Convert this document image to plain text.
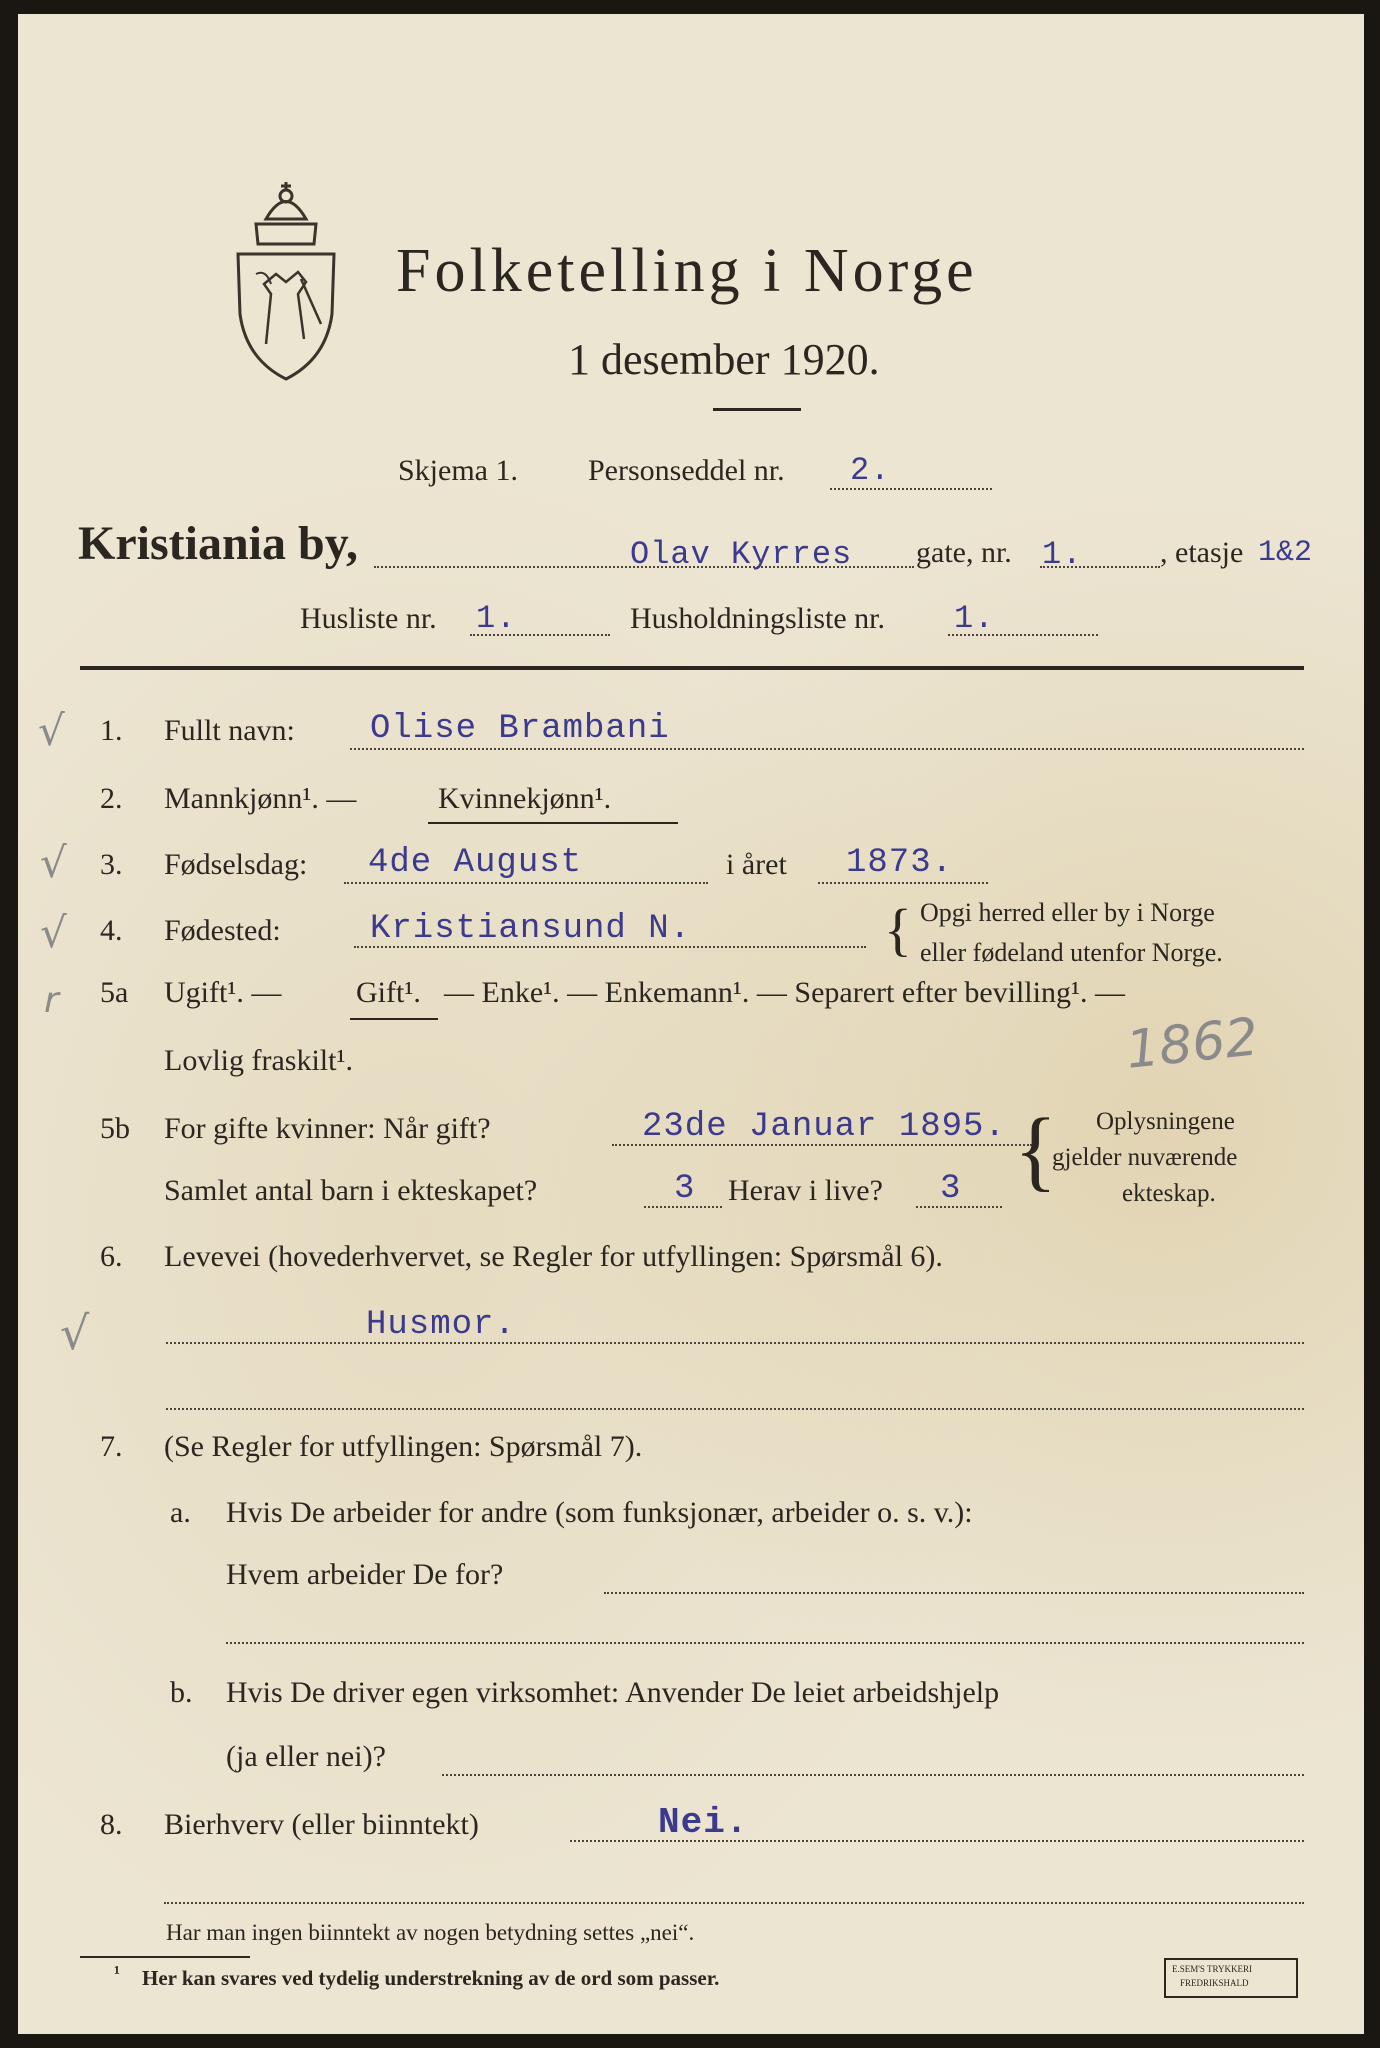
Folketelling i Norge
1 desember 1920.
Skjema 1. Personseddel nr. 2.
Kristiania by,	Olav Kyrres gate, nr. 1.	, etasje 1&2
Husliste nr. 1.	Husholdningsliste nr. 1.
√ 1. Fullt navn: Olise Brambani
2. Mannkjønn¹. —	Kvinnekjønn¹.
√ 3. Fødselsdag: 4de August	i året 1873.
√ 4. Fødested:	Kristiansund N.	{ Opgi herred eller by i Norge
eller fødeland utenfor Norge.
r 5a Ugift¹. — Gift¹. — Enke¹. — Enkemann¹. — Separert efter bevilling¹. —
Lovlig fraskilt¹.	1862
5b For gifte kvinner: Når gift?	23de Januar 1895.
Samlet antal barn i ekteskapet?	3 Herav i live? 3 { Oplysningene
gjelder nuværende
ekteskap.
6. Levevei (hovederhvervet, se Regler for utfyllingen: Spørsmål 6).
√	Husmor.
7. (Se Regler for utfyllingen: Spørsmål 7).
a. Hvis De arbeider for andre (som funksjonær, arbeider o. s. v.):
Hvem arbeider De for?
b. Hvis De driver egen virksomhet: Anvender De leiet arbeidshjelp
(ja eller nei)?
8. Bierhverv (eller biinntekt)	Nei.
Har man ingen biinntekt av nogen betydning settes „nei“.
¹ Her kan svares ved tydelig understrekning av de ord som passer.	E.SEM'S TRYKKERI
FREDRIKSHALD
